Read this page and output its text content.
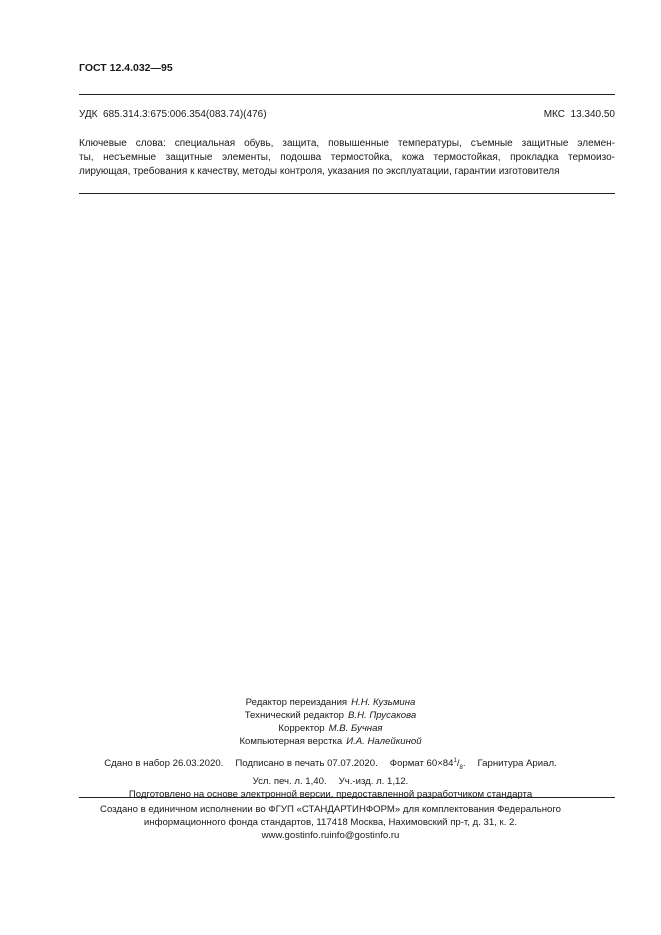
ГОСТ 12.4.032—95
УДК  685.314.3:675:006.354(083.74)(476)	МКС  13.340.50
Ключевые слова: специальная обувь, защита, повышенные температуры, съемные защитные элемен-
ты, несъемные защитные элементы, подошва термостойка, кожа термостойкая, прокладка термоизо-
лирующая, требования к качеству, методы контроля, указания по эксплуатации, гарантии изготовителя
Редактор переиздания Н.Н. Кузьмина
Технический редактор В.Н. Прусакова
Корректор М.В. Бучная
Компьютерная верстка И.А. Налейкиной
Сдано в набор 26.03.2020. Подписано в печать 07.07.2020. Формат $60\times 84^1/_8$. Гарнитура Ариал.
Усл. печ. л. 1,40. Уч.-изд. л. 1,12.
Подготовлено на основе электронной версии, предоставленной разработчиком стандарта
Создано в единичном исполнении во ФГУП «СТАНДАРТИНФОРМ» для комплектования Федерального
информационного фонда стандартов, 117418 Москва, Нахимовский пр-т, д. 31, к. 2.
www.gostinfo.ruinfo@gostinfo.ru
